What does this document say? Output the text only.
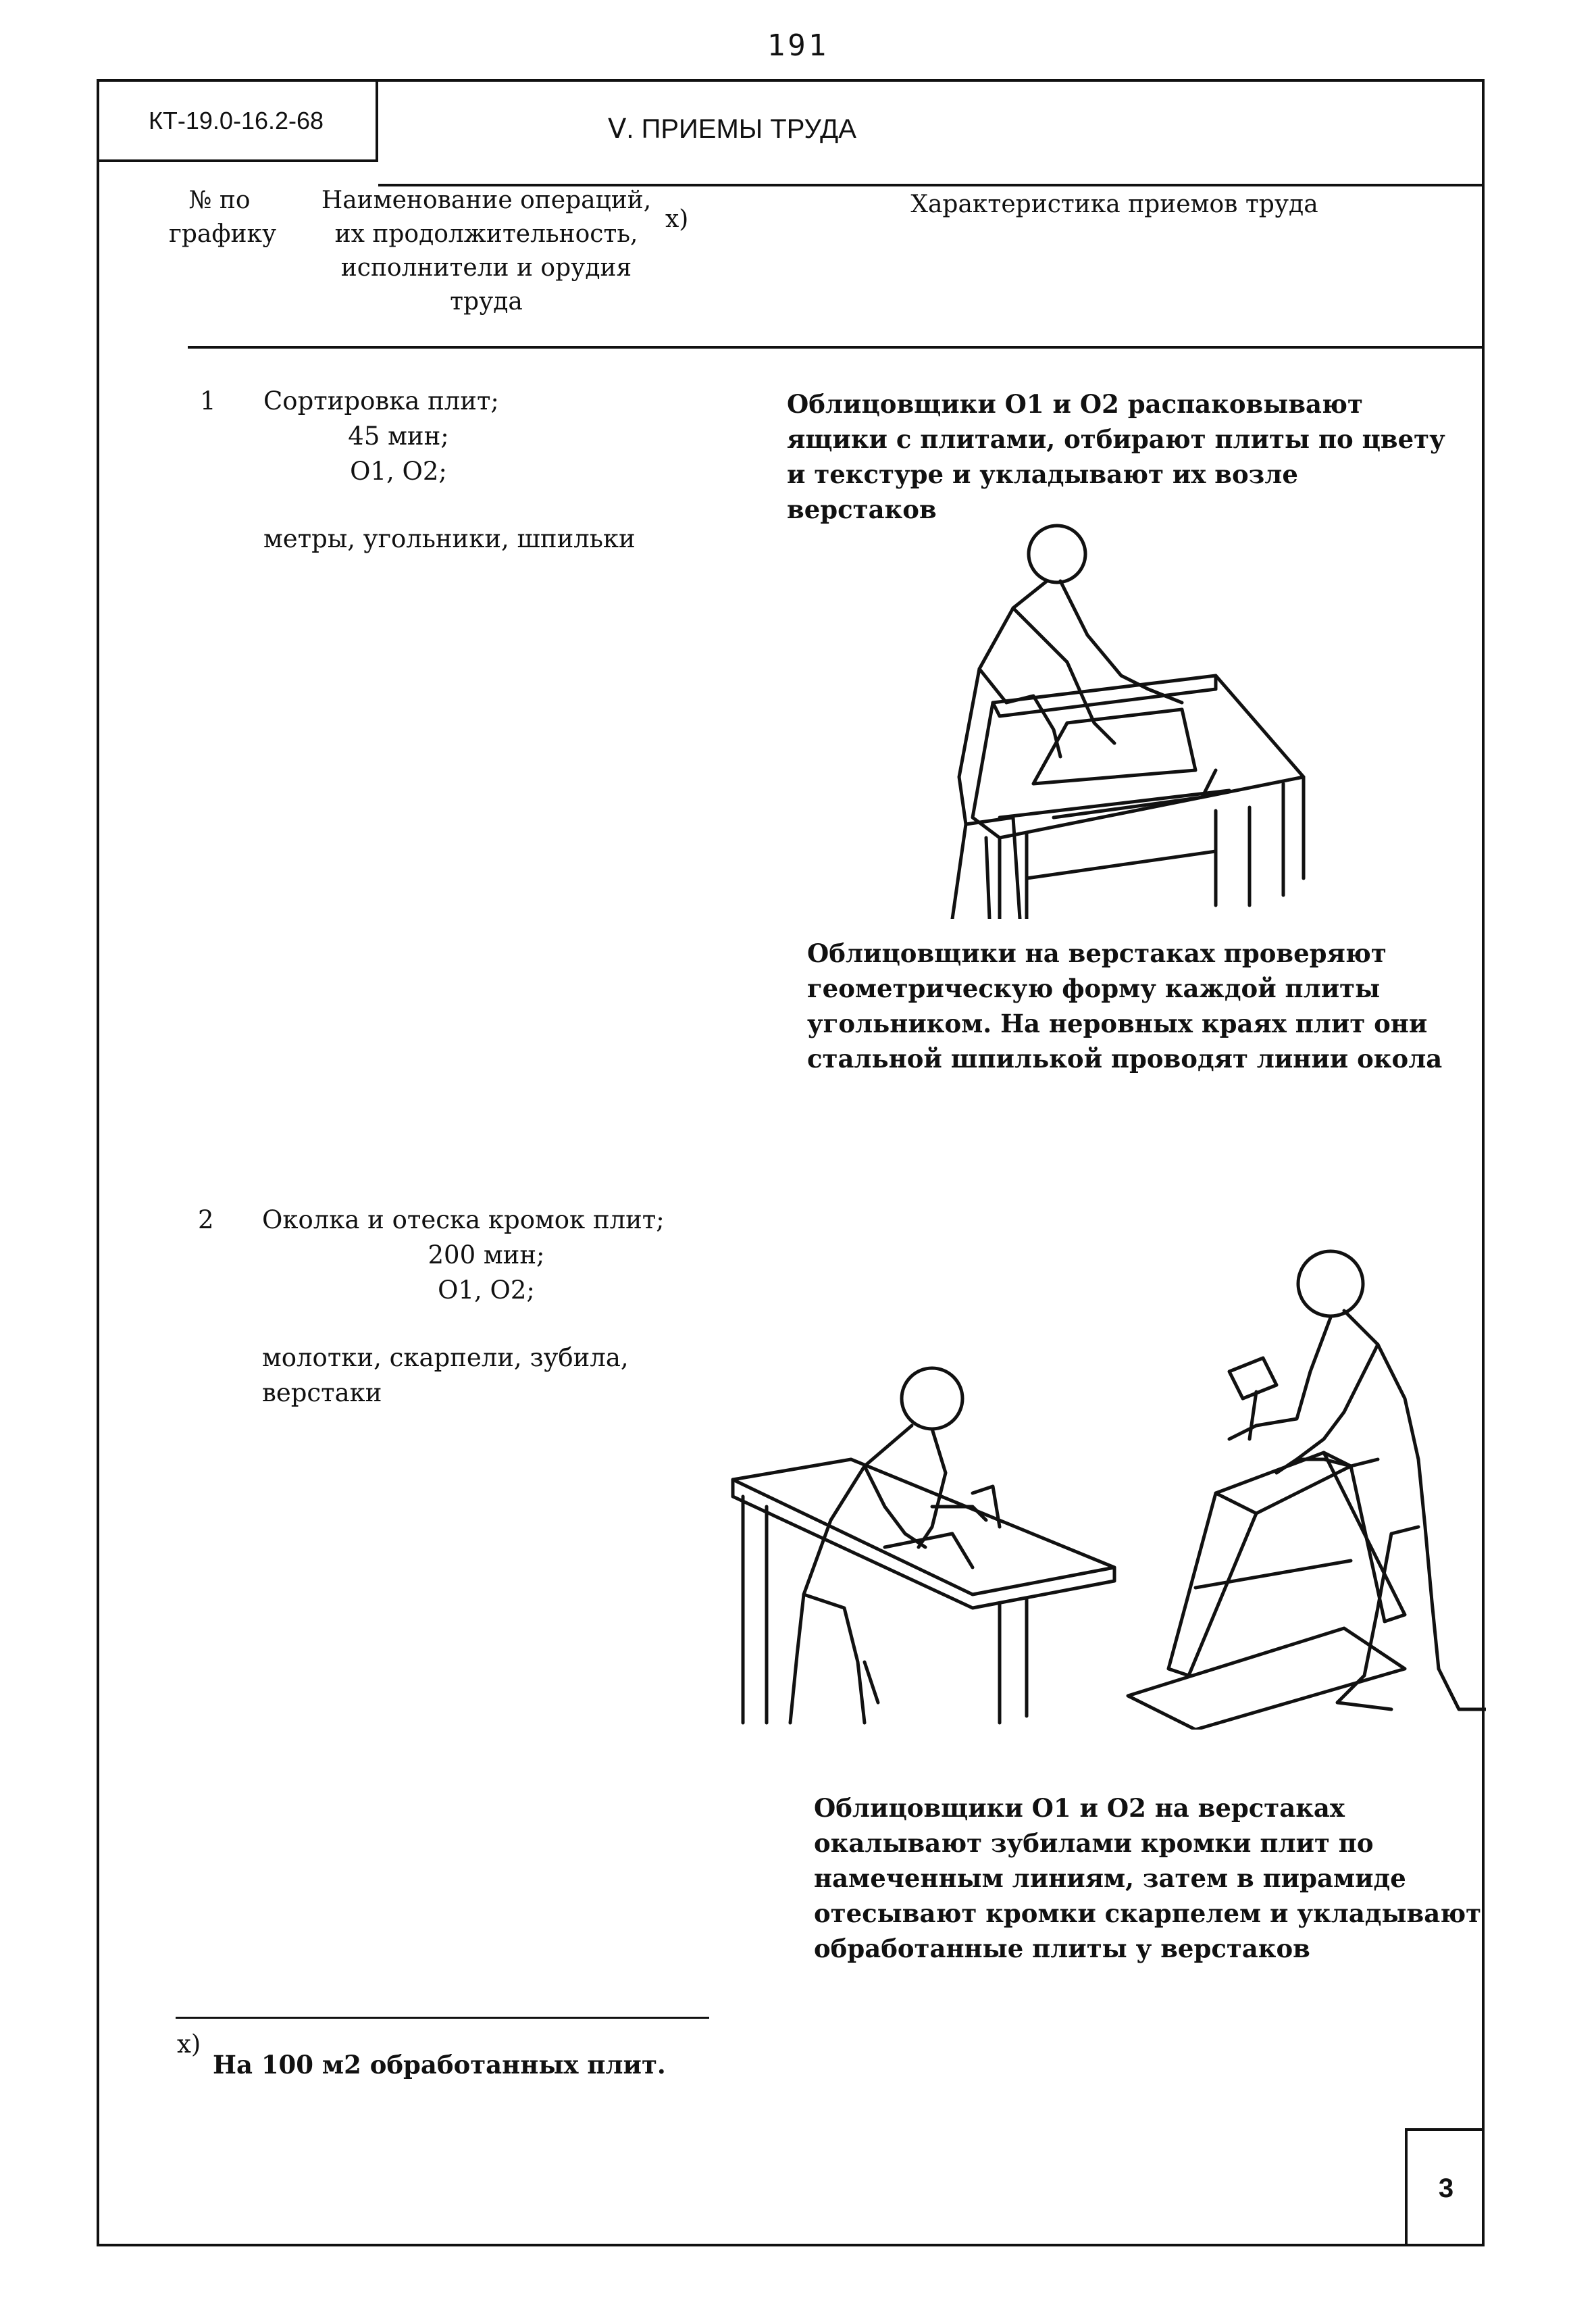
191
КТ-19.0-16.2-68	Ⅴ. ПРИЕМЫ ТРУДА
№ по графику
Наименование операций, их продолжительность, исполнители и орудия труда
x)
Характеристика приемов труда
1 Сортировка плит;
45 мин;
O1, O2;
метры, угольники, шпильки
Облицовщики O1 и O2 распаковывают ящики с плитами, отбирают плиты по цвету и текстуре и укладывают их возле верстаков
Облицовщики на верстаках проверяют геометрическую форму каждой плиты угольником. На неровных краях плит они стальной шпилькой проводят линии окола
2 Околка и отеска кромок плит;
200 мин;
O1, O2;
молотки, скарпели, зубила, верстаки
Облицовщики O1 и O2 на верстаках окалывают зубилами кромки плит по намеченным линиям, затем в пирамиде отесывают кромки скарпелем и укладывают обработанные плиты у верстаков
x)
На 100 м2 обработанных плит.
3
